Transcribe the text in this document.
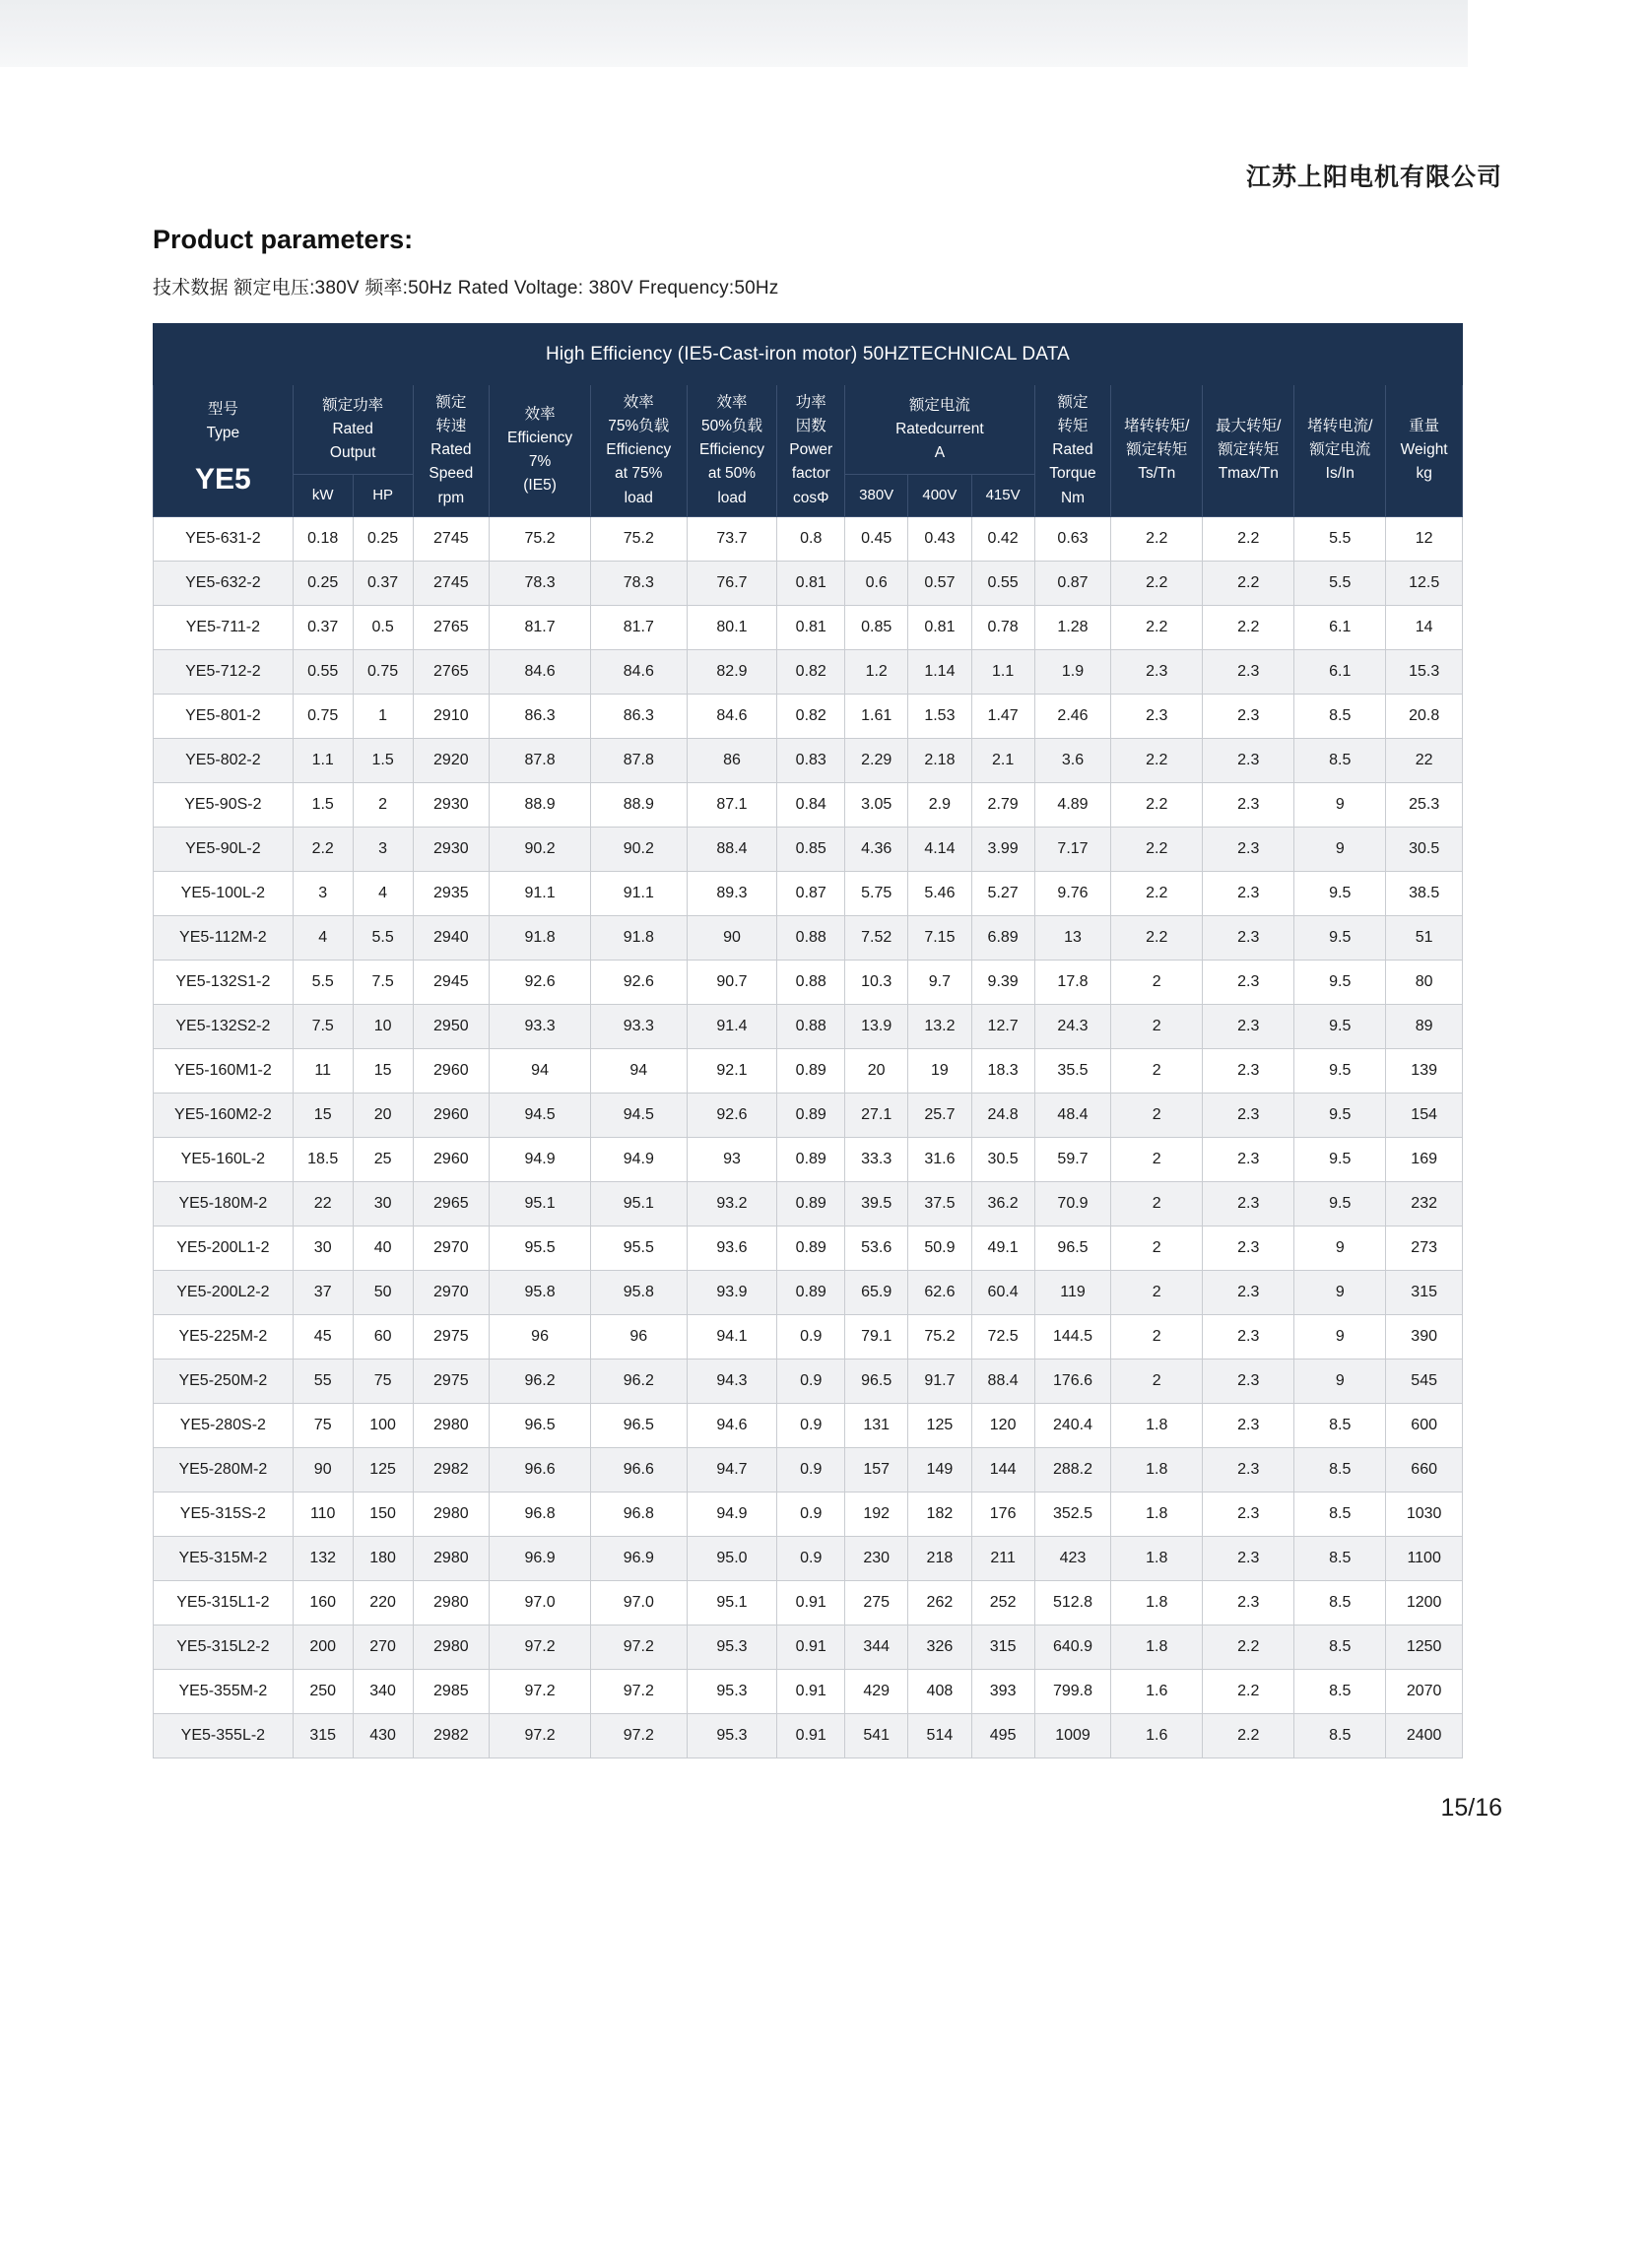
江苏上阳电机有限公司
Product parameters:
技术数据 额定电压:380V 频率:50Hz Rated Voltage: 380V Frequency:50Hz
High Efficiency (IE5-Cast-iron motor) 50HZTECHNICAL DATA															

型号
Type
YE5	额定功率
Rated
Output		额定
转速
Rated
Speed
rpm	效率
Efficiency
7%
(IE5)	效率
75%负载
Efficiency
at 75%
load	效率
50%负载
Efficiency
at 50%
load	功率
因数
Power
factor
cosΦ	额定电流
Ratedcurrent
A			额定
转矩
Rated
Torque
Nm	堵转转矩/
额定转矩
Ts/Tn	最大转矩/
额定转矩
Tmax/Tn	堵转电流/
额定电流
Is/In	重量
Weight
kg

	kW	HP						380V	400V	415V					
YE5-631-2	0.18	0.25	2745	75.2	75.2	73.7	0.8	0.45	0.43	0.42	0.63	2.2	2.2	5.5	12
YE5-632-2	0.25	0.37	2745	78.3	78.3	76.7	0.81	0.6	0.57	0.55	0.87	2.2	2.2	5.5	12.5
YE5-711-2	0.37	0.5	2765	81.7	81.7	80.1	0.81	0.85	0.81	0.78	1.28	2.2	2.2	6.1	14
YE5-712-2	0.55	0.75	2765	84.6	84.6	82.9	0.82	1.2	1.14	1.1	1.9	2.3	2.3	6.1	15.3
YE5-801-2	0.75	1	2910	86.3	86.3	84.6	0.82	1.61	1.53	1.47	2.46	2.3	2.3	8.5	20.8
YE5-802-2	1.1	1.5	2920	87.8	87.8	86	0.83	2.29	2.18	2.1	3.6	2.2	2.3	8.5	22
YE5-90S-2	1.5	2	2930	88.9	88.9	87.1	0.84	3.05	2.9	2.79	4.89	2.2	2.3	9	25.3
YE5-90L-2	2.2	3	2930	90.2	90.2	88.4	0.85	4.36	4.14	3.99	7.17	2.2	2.3	9	30.5
YE5-100L-2	3	4	2935	91.1	91.1	89.3	0.87	5.75	5.46	5.27	9.76	2.2	2.3	9.5	38.5
YE5-112M-2	4	5.5	2940	91.8	91.8	90	0.88	7.52	7.15	6.89	13	2.2	2.3	9.5	51
YE5-132S1-2	5.5	7.5	2945	92.6	92.6	90.7	0.88	10.3	9.7	9.39	17.8	2	2.3	9.5	80
YE5-132S2-2	7.5	10	2950	93.3	93.3	91.4	0.88	13.9	13.2	12.7	24.3	2	2.3	9.5	89
YE5-160M1-2	11	15	2960	94	94	92.1	0.89	20	19	18.3	35.5	2	2.3	9.5	139
YE5-160M2-2	15	20	2960	94.5	94.5	92.6	0.89	27.1	25.7	24.8	48.4	2	2.3	9.5	154
YE5-160L-2	18.5	25	2960	94.9	94.9	93	0.89	33.3	31.6	30.5	59.7	2	2.3	9.5	169
YE5-180M-2	22	30	2965	95.1	95.1	93.2	0.89	39.5	37.5	36.2	70.9	2	2.3	9.5	232
YE5-200L1-2	30	40	2970	95.5	95.5	93.6	0.89	53.6	50.9	49.1	96.5	2	2.3	9	273
YE5-200L2-2	37	50	2970	95.8	95.8	93.9	0.89	65.9	62.6	60.4	119	2	2.3	9	315
YE5-225M-2	45	60	2975	96	96	94.1	0.9	79.1	75.2	72.5	144.5	2	2.3	9	390
YE5-250M-2	55	75	2975	96.2	96.2	94.3	0.9	96.5	91.7	88.4	176.6	2	2.3	9	545
YE5-280S-2	75	100	2980	96.5	96.5	94.6	0.9	131	125	120	240.4	1.8	2.3	8.5	600
YE5-280M-2	90	125	2982	96.6	96.6	94.7	0.9	157	149	144	288.2	1.8	2.3	8.5	660
YE5-315S-2	110	150	2980	96.8	96.8	94.9	0.9	192	182	176	352.5	1.8	2.3	8.5	1030
YE5-315M-2	132	180	2980	96.9	96.9	95.0	0.9	230	218	211	423	1.8	2.3	8.5	1100
YE5-315L1-2	160	220	2980	97.0	97.0	95.1	0.91	275	262	252	512.8	1.8	2.3	8.5	1200
YE5-315L2-2	200	270	2980	97.2	97.2	95.3	0.91	344	326	315	640.9	1.8	2.2	8.5	1250
YE5-355M-2	250	340	2985	97.2	97.2	95.3	0.91	429	408	393	799.8	1.6	2.2	8.5	2070
YE5-355L-2	315	430	2982	97.2	97.2	95.3	0.91	541	514	495	1009	1.6	2.2	8.5	2400
15/16
